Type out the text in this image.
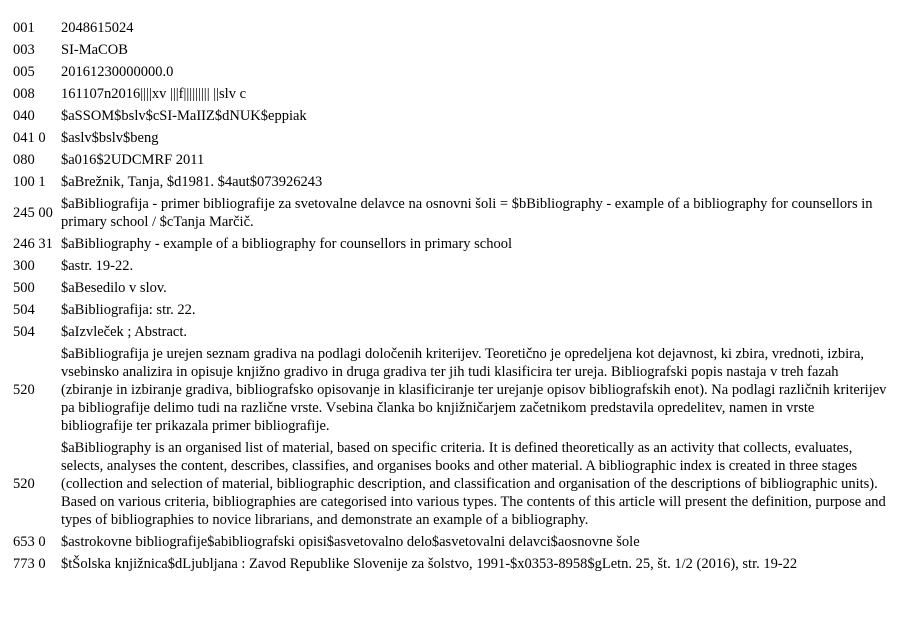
001	2048615024
003	SI-MaCOB
005	20161230000000.0
008	161107n2016||||xv |||f||||||||| ||slv c
040	$aSSOM$bslv$cSI-MaIIZ$dNUK$eppiak
041 0	$aslv$bslv$beng
080	$a016$2UDCMRF 2011
100 1	$aBrežnik, Tanja, $d1981. $4aut$073926243
245 00	$aBibliografija - primer bibliografije za svetovalne delavce na osnovni šoli = $bBibliography - example of a bibliography for counsellors in primary school / $cTanja Marčič.
246 31	$aBibliography - example of a bibliography for counsellors in primary school
300	$astr. 19-22.
500	$aBesedilo v slov.
504	$aBibliografija: str. 22.
504	$aIzvleček ; Abstract.
520	$aBibliografija je urejen seznam gradiva na podlagi določenih kriterijev. Teoretično je opredeljena kot dejavnost, ki zbira, vrednoti, izbira, vsebinsko analizira in opisuje knjižno gradivo in druga gradiva ter jih tudi klasificira ter ureja. Bibliografski popis nastaja v treh fazah (zbiranje in izbiranje gradiva, bibliografsko opisovanje in klasificiranje ter urejanje opisov bibliografskih enot). Na podlagi različnih kriterijev pa bibliografije delimo tudi na različne vrste. Vsebina članka bo knjižničarjem začetnikom predstavila opredelitev, namen in vrste bibliografije ter prikazala primer bibliografije.
520	$aBibliography is an organised list of material, based on specific criteria. It is defined theoretically as an activity that collects, evaluates, selects, analyses the content, describes, classifies, and organises books and other material. A bibliographic index is created in three stages (collection and selection of material, bibliographic description, and classification and organisation of the descriptions of bibliographic units). Based on various criteria, bibliographies are categorised into various types. The contents of this article will present the definition, purpose and types of bibliographies to novice librarians, and demonstrate an example of a bibliography.
653 0	$astrokovne bibliografije$abibliografski opisi$asvetovalno delo$asvetovalni delavci$aosnovne šole
773 0	$tŠolska knjižnica$dLjubljana : Zavod Republike Slovenije za šolstvo, 1991-$x0353-8958$gLetn. 25, št. 1/2 (2016), str. 19-22
